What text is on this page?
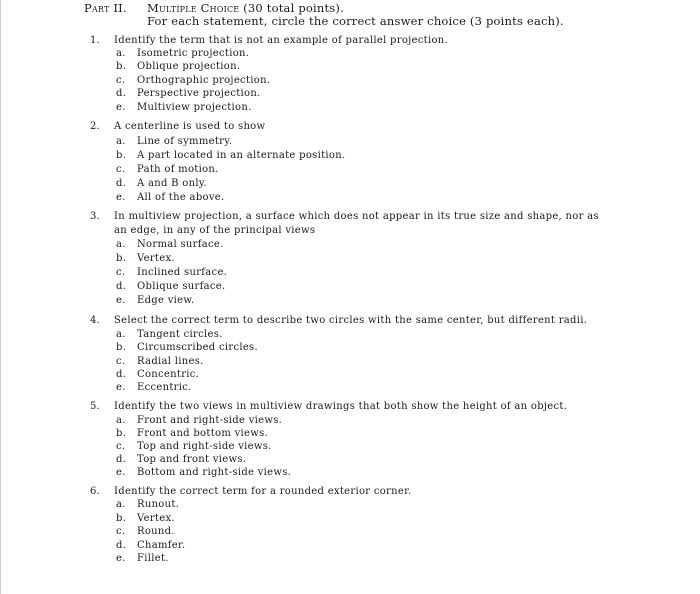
Part II. Multiple Choice (30 total points).
For each statement, circle the correct answer choice (3 points each).
1. Identify the term that is not an example of parallel projection.
a. Isometric projection.
b. Oblique projection.
c. Orthographic projection.
d. Perspective projection.
e. Multiview projection.
2. A centerline is used to show
a. Line of symmetry.
b. A part located in an alternate position.
c. Path of motion.
d. A and B only.
e. All of the above.
3. In multiview projection, a surface which does not appear in its true size and shape, nor as an edge, in any of the principal views
a. Normal surface.
b. Vertex.
c. Inclined surface.
d. Oblique surface.
e. Edge view.
4. Select the correct term to describe two circles with the same center, but different radii.
a. Tangent circles.
b. Circumscribed circles.
c. Radial lines.
d. Concentric.
e. Eccentric.
5. Identify the two views in multiview drawings that both show the height of an object.
a. Front and right-side views.
b. Front and bottom views.
c. Top and right-side views.
d. Top and front views.
e. Bottom and right-side views.
6. Identify the correct term for a rounded exterior corner.
a. Runout.
b. Vertex.
c. Round.
d. Chamfer.
e. Fillet.
